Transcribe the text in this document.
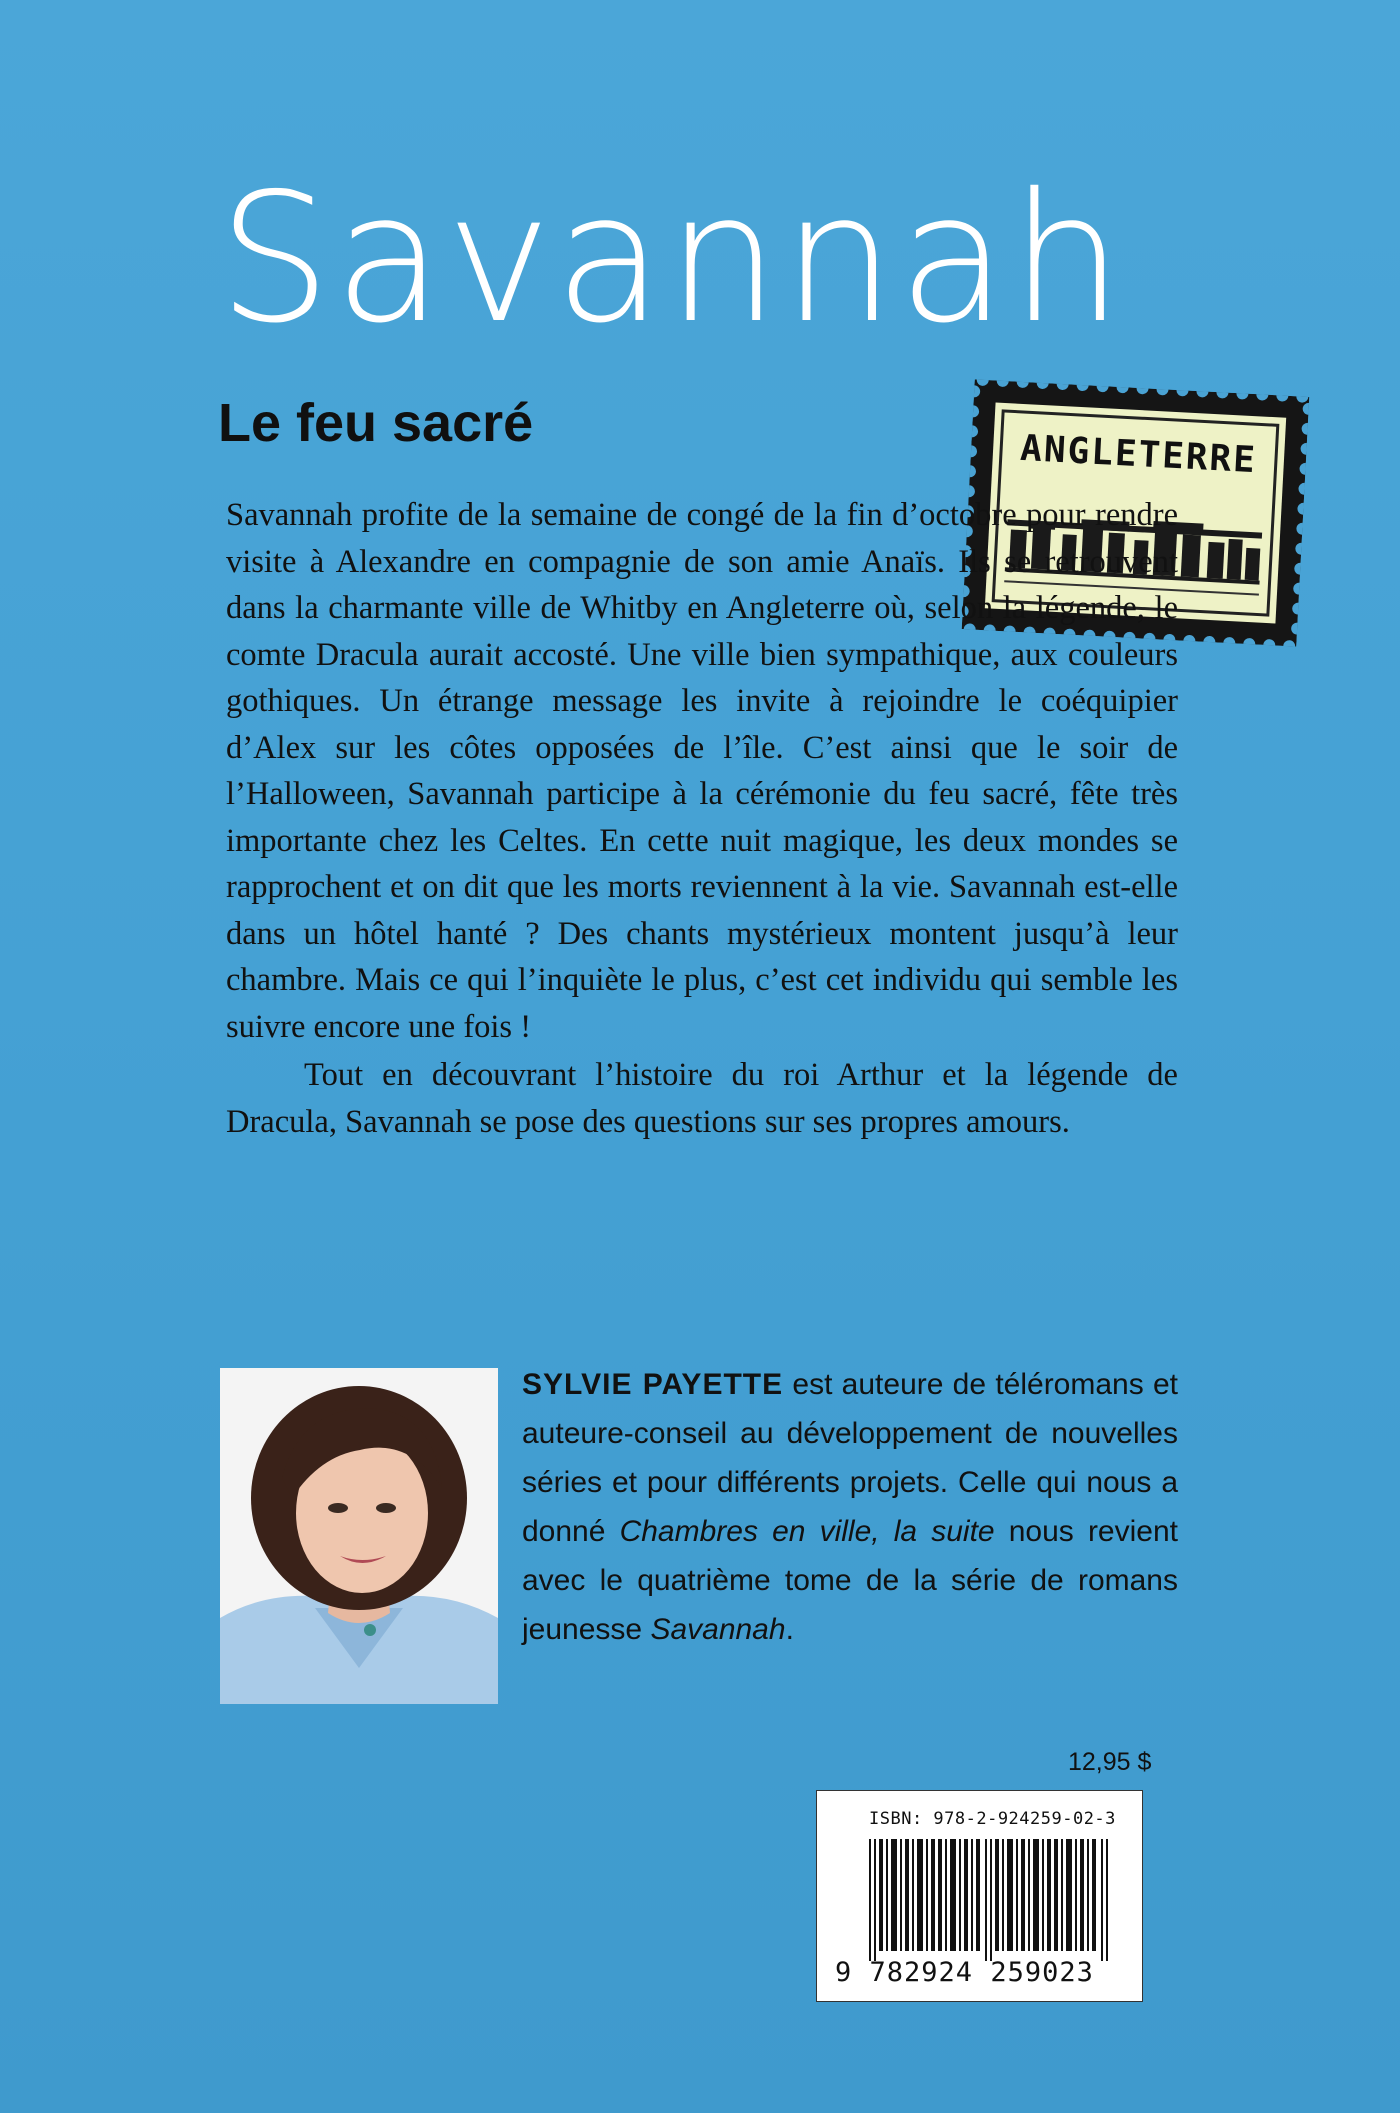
Savannah
Le feu sacré
ANGLETERRE

Savannah profite de la semaine de congé de la fin d’octobre pour rendre visite à Alexandre en compagnie de son amie Anaïs. Ils se retrouvent dans la charmante ville de Whitby en Angleterre où, selon la légende, le comte Dracula aurait accosté. Une ville bien sympathique, aux couleurs gothiques. Un étrange message les invite à rejoindre le coéquipier d’Alex sur les côtes opposées de l’île. C’est ainsi que le soir de l’Halloween, Savannah participe à la cérémonie du feu sacré, fête très importante chez les Celtes. En cette nuit magique, les deux mondes se rapprochent et on dit que les morts reviennent à la vie. Savannah est-elle dans un hôtel hanté ? Des chants mystérieux montent jusqu’à leur chambre. Mais ce qui l’inquiète le plus, c’est cet individu qui semble les suivre encore une fois !

Tout en découvrant l’histoire du roi Arthur et la légende de Dracula, Savannah se pose des questions sur ses propres amours.

SYLVIE PAYETTE est auteure de téléromans et auteure-conseil au développement de nouvelles séries et pour différents projets. Celle qui nous a donné Chambres en ville, la suite nous revient avec le quatrième tome de la série de romans jeunesse Savannah.
12,95 $
ISBN: 978-2-924259-02-3
9 782924 259023
